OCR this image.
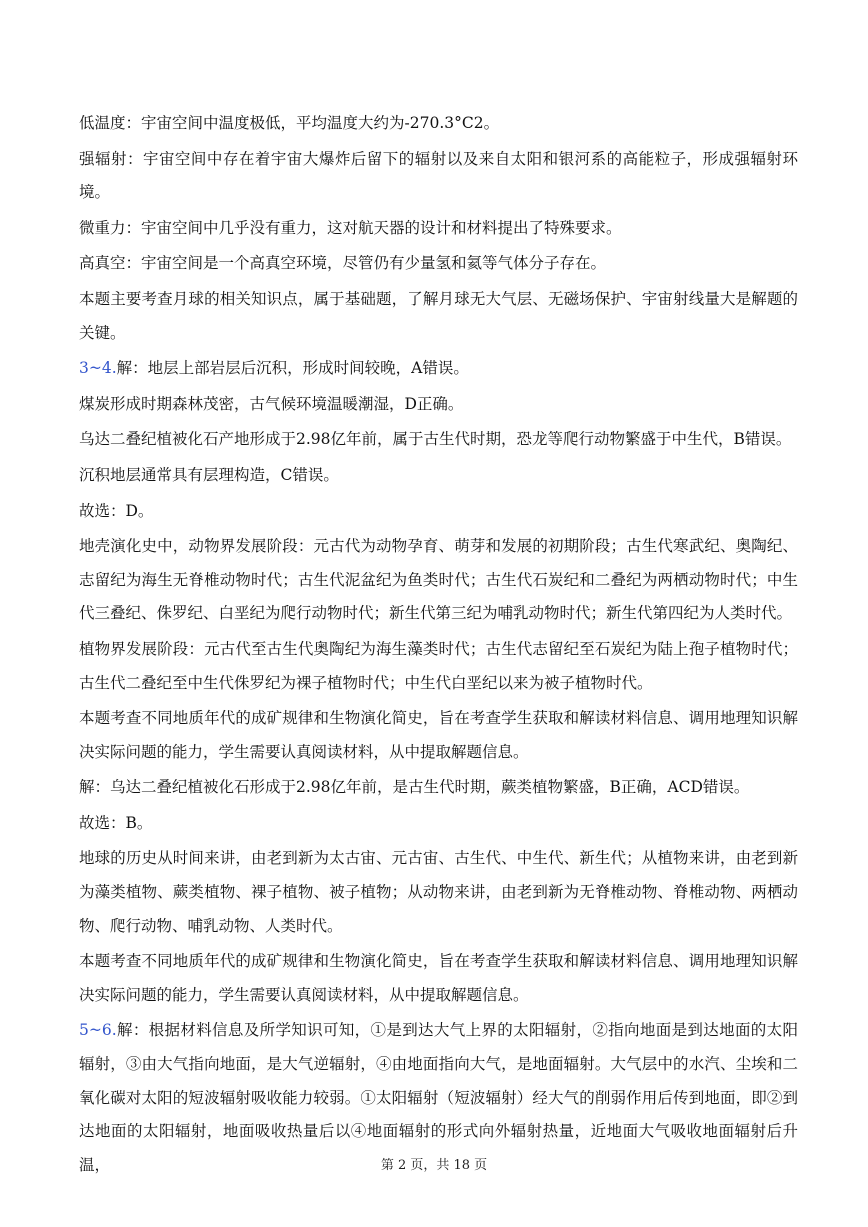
低温度：宇宙空间中温度极低，平均温度大约为-270.3°C2。

强辐射：宇宙空间中存在着宇宙大爆炸后留下的辐射以及来自太阳和银河系的高能粒子，形成强辐射环境。

微重力：宇宙空间中几乎没有重力，这对航天器的设计和材料提出了特殊要求。

高真空：宇宙空间是一个高真空环境，尽管仍有少量氢和氦等气体分子存在。

本题主要考查月球的相关知识点，属于基础题，了解月球无大气层、无磁场保护、宇宙射线量大是解题的关键。

3~4.解：地层上部岩层后沉积，形成时间较晚，A错误。

煤炭形成时期森林茂密，古气候环境温暖潮湿，D正确。

乌达二叠纪植被化石产地形成于2.98亿年前，属于古生代时期，恐龙等爬行动物繁盛于中生代，B错误。

沉积地层通常具有层理构造，C错误。

故选：D。

地壳演化史中，动物界发展阶段：元古代为动物孕育、萌芽和发展的初期阶段；古生代寒武纪、奥陶纪、志留纪为海生无脊椎动物时代；古生代泥盆纪为鱼类时代；古生代石炭纪和二叠纪为两栖动物时代；中生代三叠纪、侏罗纪、白垩纪为爬行动物时代；新生代第三纪为哺乳动物时代；新生代第四纪为人类时代。

植物界发展阶段：元古代至古生代奥陶纪为海生藻类时代；古生代志留纪至石炭纪为陆上孢子植物时代；古生代二叠纪至中生代侏罗纪为裸子植物时代；中生代白垩纪以来为被子植物时代。

本题考查不同地质年代的成矿规律和生物演化简史，旨在考查学生获取和解读材料信息、调用地理知识解决实际问题的能力，学生需要认真阅读材料，从中提取解题信息。

解：乌达二叠纪植被化石形成于2.98亿年前，是古生代时期，蕨类植物繁盛，B正确，ACD错误。

故选：B。

地球的历史从时间来讲，由老到新为太古宙、元古宙、古生代、中生代、新生代；从植物来讲，由老到新为藻类植物、蕨类植物、裸子植物、被子植物；从动物来讲，由老到新为无脊椎动物、脊椎动物、两栖动物、爬行动物、哺乳动物、人类时代。

本题考查不同地质年代的成矿规律和生物演化简史，旨在考查学生获取和解读材料信息、调用地理知识解决实际问题的能力，学生需要认真阅读材料，从中提取解题信息。

5~6.解：根据材料信息及所学知识可知，①是到达大气上界的太阳辐射，②指向地面是到达地面的太阳辐射，③由大气指向地面，是大气逆辐射，④由地面指向大气，是地面辐射。大气层中的水汽、尘埃和二氧化碳对太阳的短波辐射吸收能力较弱。①太阳辐射（短波辐射）经大气的削弱作用后传到地面，即②到达地面的太阳辐射，地面吸收热量后以④地面辐射的形式向外辐射热量，近地面大气吸收地面辐射后升温，	第 2 页，共 18 页
